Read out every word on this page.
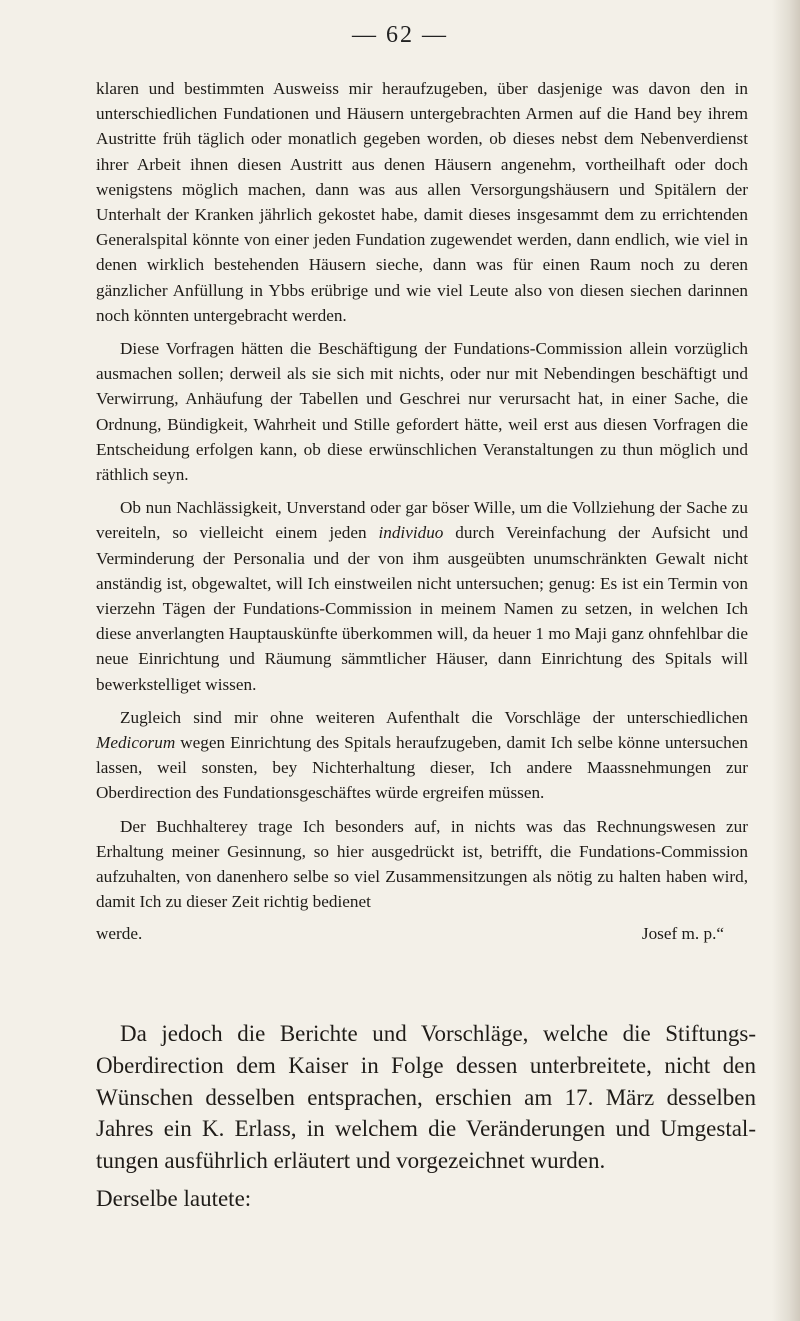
— 62 —

klaren und bestimmten Ausweiss mir heraufzugeben, über dasjenige was davon den in unterschiedlichen Fundationen und Häusern untergebrachten Armen auf die Hand bey ihrem Austritte früh täglich oder monatlich gegeben worden, ob dieses nebst dem Nebenverdienst ihrer Arbeit ihnen diesen Austritt aus denen Häusern angenehm, vortheilhaft oder doch wenigstens möglich machen, dann was aus allen Versorgungshäusern und Spitälern der Unterhalt der Kranken jährlich gekostet habe, damit dieses insgesammt dem zu errichtenden Generalspital könnte von einer jeden Fundation zugewendet werden, dann endlich, wie viel in denen wirklich bestehenden Häusern sieche, dann was für einen Raum noch zu deren gänzlicher Anfüllung in Ybbs erübrige und wie viel Leute also von diesen siechen darinnen noch könnten untergebracht werden.

Diese Vorfragen hätten die Beschäftigung der Fundations-Commission allein vorzüglich ausmachen sollen; derweil als sie sich mit nichts, oder nur mit Nebendingen beschäftigt und Verwirrung, Anhäufung der Tabellen und Geschrei nur verursacht hat, in einer Sache, die Ordnung, Bündigkeit, Wahrheit und Stille gefordert hätte, weil erst aus diesen Vorfragen die Entscheidung erfolgen kann, ob diese erwünschlichen Veranstaltungen zu thun möglich und räthlich seyn.

Ob nun Nachlässigkeit, Unverstand oder gar böser Wille, um die Vollziehung der Sache zu vereiteln, so vielleicht einem jeden individuo durch Vereinfachung der Aufsicht und Verminderung der Personalia und der von ihm ausgeübten unumschränkten Gewalt nicht anständig ist, obgewaltet, will Ich einstweilen nicht untersuchen; genug: Es ist ein Termin von vierzehn Tägen der Fundations-Commission in meinem Namen zu setzen, in welchen Ich diese anverlangten Hauptauskünfte überkommen will, da heuer 1 mo Maji ganz ohnfehlbar die neue Einrichtung und Räumung sämmtlicher Häuser, dann Einrichtung des Spitals will bewerkstelliget wissen.

Zugleich sind mir ohne weiteren Aufenthalt die Vorschläge der unterschiedlichen Medicorum wegen Einrichtung des Spitals heraufzugeben, damit Ich selbe könne untersuchen lassen, weil sonsten, bey Nichterhaltung dieser, Ich andere Maassnehmungen zur Oberdirection des Fundationsgeschäftes würde ergreifen müssen.

Der Buchhalterey trage Ich besonders auf, in nichts was das Rechnungswesen zur Erhaltung meiner Gesinnung, so hier ausgedrückt ist, betrifft, die Fundations-Commission aufzuhalten, von danenhero selbe so viel Zusammensitzungen als nötig zu halten haben wird, damit Ich zu dieser Zeit richtig bedienet

werde.	Josef m. p.“

Da jedoch die Berichte und Vorschläge, welche die Stiftungs-Oberdirection dem Kaiser in Folge dessen unterbreitete, nicht den Wünschen desselben entsprachen, erschien am 17. März desselben Jahres ein K. Erlass, in welchem die Veränderungen und Umgestaltungen ausführlich erläutert und vorgezeichnet wurden.

Derselbe lautete:
